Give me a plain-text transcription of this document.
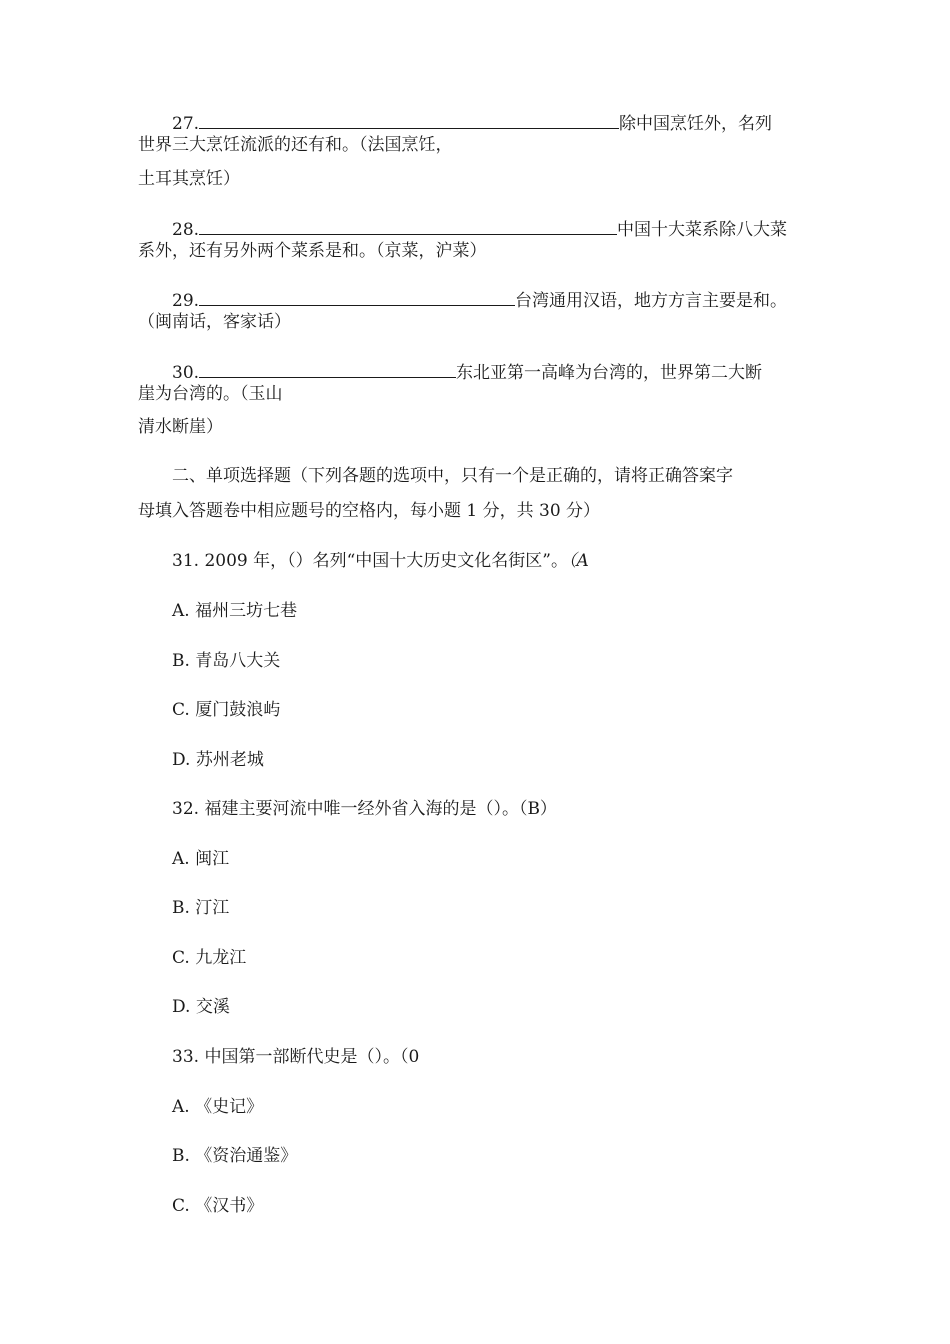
27.	除中国烹饪外，名列
世界三大烹饪流派的还有和。（法国烹饪，
土耳其烹饪）
28.	中国十大菜系除八大菜
系外，还有另外两个菜系是和。（京菜，沪菜）
29.	台湾通用汉语，地方方言主要是和。
（闽南话，客家话）
30.	东北亚第一高峰为台湾的，世界第二大断
崖为台湾的。（玉山
清水断崖）
二、单项选择题（下列各题的选项中，只有一个是正确的，请将正确答案字
母填入答题卷中相应题号的空格内，每小题 1 分，共 30 分）
31. 2009 年，（）名列“中国十大历史文化名街区”。（A
A. 福州三坊七巷
B. 青岛八大关
C. 厦门鼓浪屿
D. 苏州老城
32. 福建主要河流中唯一经外省入海的是（）。（B）
A. 闽江
B. 汀江
C. 九龙江
D. 交溪
33. 中国第一部断代史是（）。（0
A. 《史记》
B. 《资治通鉴》
C. 《汉书》
